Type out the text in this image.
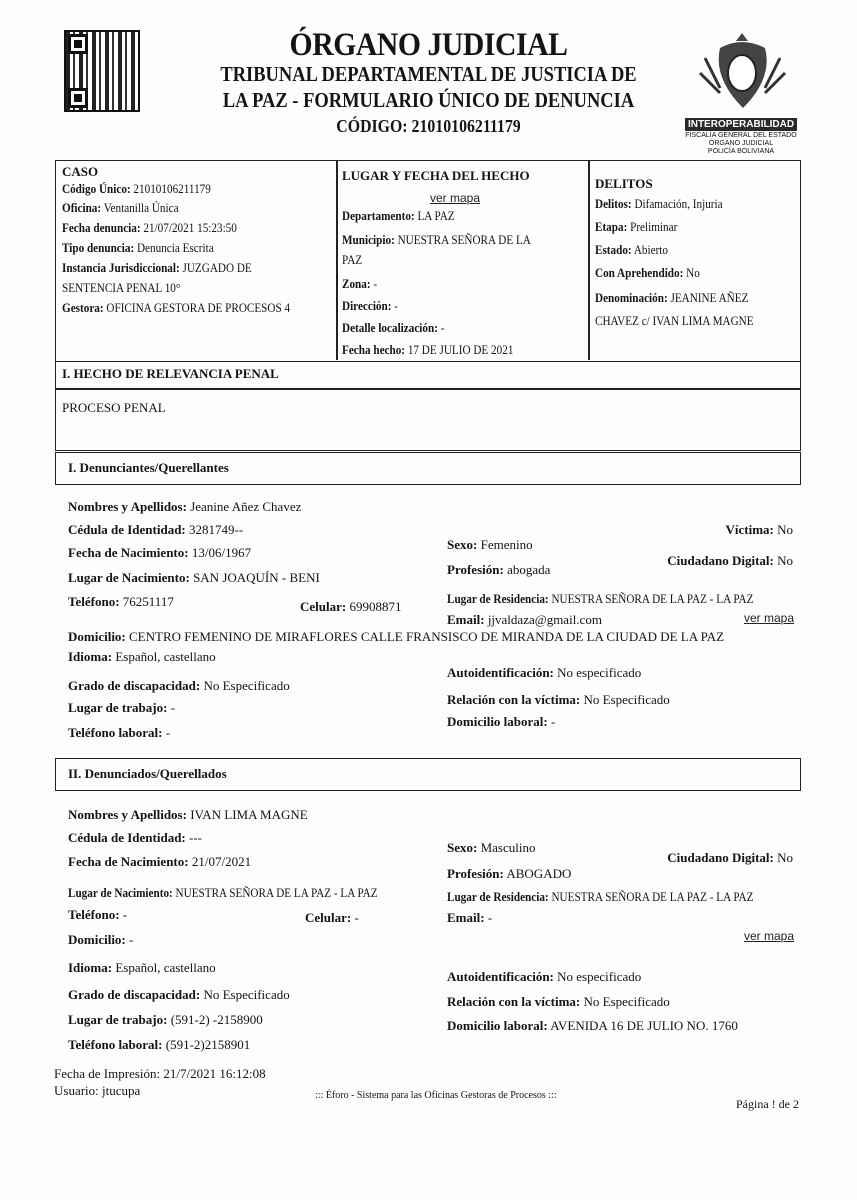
ÓRGANO JUDICIAL
TRIBUNAL DEPARTAMENTAL DE JUSTICIA DE
LA PAZ - FORMULARIO ÚNICO DE DENUNCIA
CÓDIGO: 21010106211179	INTEROPERABILIDAD
FISCALÍA GENERAL DEL ESTADO
ÓRGANO JUDICIAL
POLICÍA BOLIVIANA
CASO
Código Único: 21010106211179
Oficina: Ventanilla Única
Fecha denuncia: 21/07/2021 15:23:50
Tipo denuncia: Denuncia Escrita
Instancia Jurisdiccional: JUZGADO DE
SENTENCIA PENAL 10°
Gestora: OFICINA GESTORA DE PROCESOS 4
LUGAR Y FECHA DEL HECHO
ver mapa
Departamento: LA PAZ
Municipio: NUESTRA SEÑORA DE LA
PAZ
Zona: -
Dirección: -
Detalle localización: -
Fecha hecho: 17 DE JULIO DE 2021
DELITOS
Delitos: Difamación, Injuria
Etapa: Preliminar
Estado: Abierto
Con Aprehendido: No
Denominación: JEANINE AÑEZ
CHAVEZ c/ IVAN LIMA MAGNE
I. HECHO DE RELEVANCIA PENAL
PROCESO PENAL
I. Denunciantes/Querellantes
Nombres y Apellidos: Jeanine Añez Chavez
Víctima: No
Cédula de Identidad: 3281749--
Sexo: Femenino
Fecha de Nacimiento: 13/06/1967
Ciudadano Digital: No
Profesión: abogada
Lugar de Nacimiento: SAN JOAQUÍN - BENI
Lugar de Residencia: NUESTRA SEÑORA DE LA PAZ - LA PAZ
Teléfono: 76251117	Celular: 69908871
Email: jjvaldaza@gmail.com	ver mapa
Domicilio: CENTRO FEMENINO DE MIRAFLORES CALLE FRANSISCO DE MIRANDA DE LA CIUDAD DE LA PAZ
Idioma: Español, castellano
Autoidentificación: No especificado
Grado de discapacidad: No Especificado
Relación con la víctima: No Especificado
Lugar de trabajo: -
Domicilio laboral: -
Teléfono laboral: -
II. Denunciados/Querellados
Nombres y Apellidos: IVAN LIMA MAGNE
Cédula de Identidad: ---
Sexo: Masculino
Ciudadano Digital: No
Fecha de Nacimiento: 21/07/2021
Profesión: ABOGADO
Lugar de Nacimiento: NUESTRA SEÑORA DE LA PAZ - LA PAZ	Lugar de Residencia: NUESTRA SEÑORA DE LA PAZ - LA PAZ
Teléfono: -	Celular: -	Email: -
ver mapa
Domicilio: -
Idioma: Español, castellano
Autoidentificación: No especificado
Grado de discapacidad: No Especificado	Relación con la víctima: No Especificado
Lugar de trabajo: (591-2) -2158900	Domicilio laboral: AVENIDA 16 DE JULIO NO. 1760
Teléfono laboral: (591-2)2158901
Fecha de Impresión: 21/7/2021 16:12:08
Usuario: jtucupa	::: Éforo - Sistema para las Oficinas Gestoras de Procesos :::
Página ! de 2
